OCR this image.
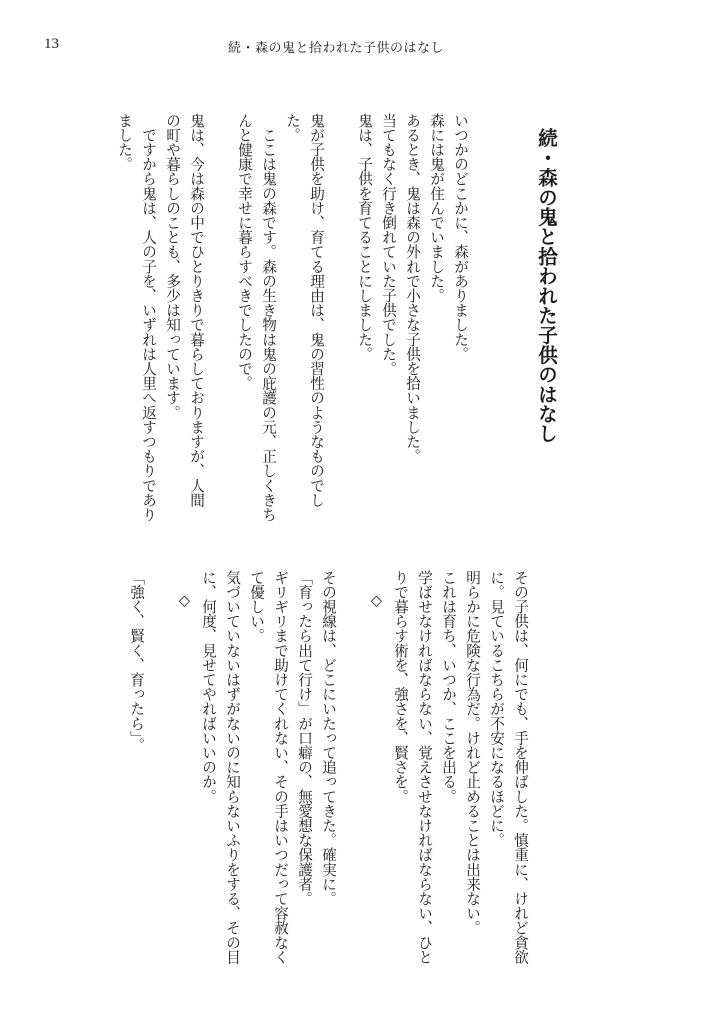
13	続・森の鬼と拾われた子供のはなし
続・森の鬼と拾われた子供のはなし
いつかのどこかに、森がありました。
森には鬼が住んでいました。
あるとき、鬼は森の外れで小さな子供を拾いました。
当てもなく行き倒れていた子供でした。
鬼は、子供を育てることにしました。
鬼が子供を助け、育てる理由は、鬼の習性のようなものでし
た。
　ここは鬼の森です。森の生き物は鬼の庇護の元、正しくきち
んと健康で幸せに暮らすべきでしたので。
鬼は、今は森の中でひとりきりで暮らしておりますが、人間
の町や暮らしのことも、多少は知っています。
　ですから鬼は、人の子を、いずれは人里へ返すつもりであり
ました。
その子供は、何にでも、手を伸ばした。慎重に、けれど貪欲
に。見ているこちらが不安になるほどに。
明らかに危険な行為だ。けれど止めることは出来ない。
これは育ち、いつか、ここを出る。
学ばせなければならない、覚えさせなければならない、ひと
りで暮らす術を、強さを、賢さを。
◇
その視線は、どこにいたって追ってきた。確実に。
「育ったら出て行け」が口癖の、無愛想な保護者。
ギリギリまで助けてくれない、その手はいつだって容赦なく
て優しい。
気づいていないはずがないのに知らないふりをする、その目
に、何度、見せてやればいいのか。
◇
「強く、賢く、育ったら」。
